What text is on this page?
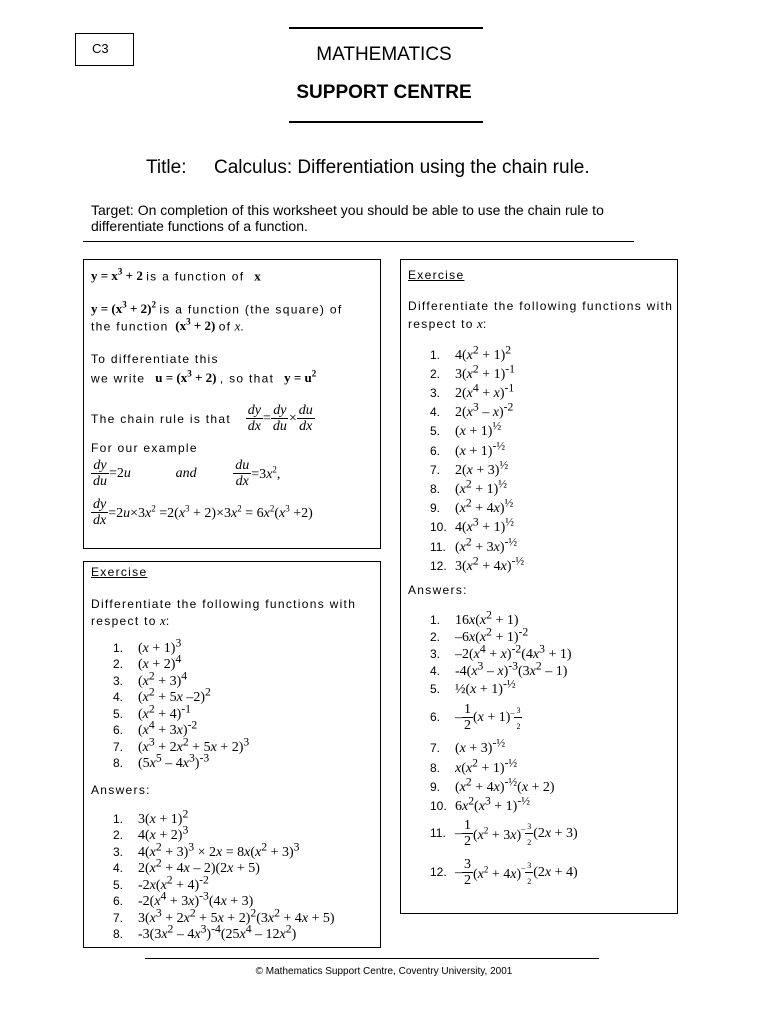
C3	MATHEMATICS
SUPPORT CENTRE
Title: Calculus: Differentiation using the chain rule.
Target: On completion of this worksheet you should be able to use the chain rule to
differentiate functions of a function.
$y = x^3 + 2$ is a function of   x
$y = (x^3 + 2)^2$ is a function (the square) of
the function  $(x^3 + 2)$ of x.
To differentiate this
we write   $u = (x^3 + 2)$ , so that   $y = u^2$
The chain rule is that $\frac{dy}{dx} = \frac{dy}{du} \times \frac{du}{dx}$
For our example
$\frac{dy}{du} =2u$	and	$\frac{du}{dx} =3x^2$,
$\frac{dy}{dx} =2u\times 3x^2 =2(x^3 + 2)\times 3x^2 = 6x^2(x^3 +2)$
Exercise
Differentiate the following functions with
respect to x:
1. $(x + 1)^3$
2. $(x + 2)^4$
3. $(x^2 + 3)^4$
4. ($x^2 + 5x$ –2)$^2$
5. $(x^2 + 4)^{-1}$
6. $(x^4 + 3x)^{-2}$
7. $(x^3 + 2x^2 + 5x + 2)^3$
8. $(5x^5 - 4x^3)^{-3}$
Answers:
1. $3(x + 1)^2$
2. $4(x + 2)^3$
3. $4(x^2 + 3)^3 \times 2x = 8x(x^2 + 3)^3$
4. $2(x^2 + 4x - 2)(2x + 5)$
5. $-2x(x^2 + 4)^{-2}$
6. $-2(x^4 + 3x)^{-3}(4x + 3)$
7. $3(x^3 + 2x^2 + 5x + 2)^2(3x^2 + 4x + 5)$
8. $-3(3x^2 - 4x^3)^{-4}(25x^4 - 12x^2)$
Exercise
Differentiate the following functions with
respect to x:
1. $4(x^2 + 1)^2$
2. $3(x^2 + 1)^{-1}$
3. $2(x^4 + x)^{-1}$
4. $2(x^3 - x)^{-2}$
5. $(x + 1)^{\frac{1}{2}}$
6. $(x + 1)^{-\frac{1}{2}}$
7. $2(x + 3)^{\frac{1}{2}}$
8. $(x^2 + 1)^{\frac{1}{2}}$
9. $(x^2 + 4x)^{\frac{1}{2}}$
10. $4(x^3 + 1)^{\frac{1}{2}}$
11. $(x^2 + 3x)^{-\frac{1}{2}}$
12. $3(x^2 + 4x)^{-\frac{1}{2}}$
Answers:
1. $16x(x^2 + 1)$
2. $-6x(x^2 + 1)^{-2}$
3. $-2(x^4 + x)^{-2}(4x^3 + 1)$
4. $-4(x^3 - x)^{-3}(3x^2 - 1)$
5. ½(x + 1)$^{-\frac{1}{2}}$
6. – $\frac{1}{2} (x + 1)^- \frac{3}{2}$
7. $(x + 3)^{-\frac{1}{2}}$
8. $x(x^2 + 1)^{-\frac{1}{2}}$
9. $(x^2 + 4x)^{-\frac{1}{2}}(x + 2)$
10. $6x^2(x^3 + 1)^{-\frac{1}{2}}$
11. – $\frac{1}{2} (x^2 + 3x)^- \frac{3}{2} (2x + 3)$
12. – $\frac{3}{2} (x^2 + 4x)^- \frac{3}{2} (2x + 4)$
© Mathematics Support Centre, Coventry University, 2001
